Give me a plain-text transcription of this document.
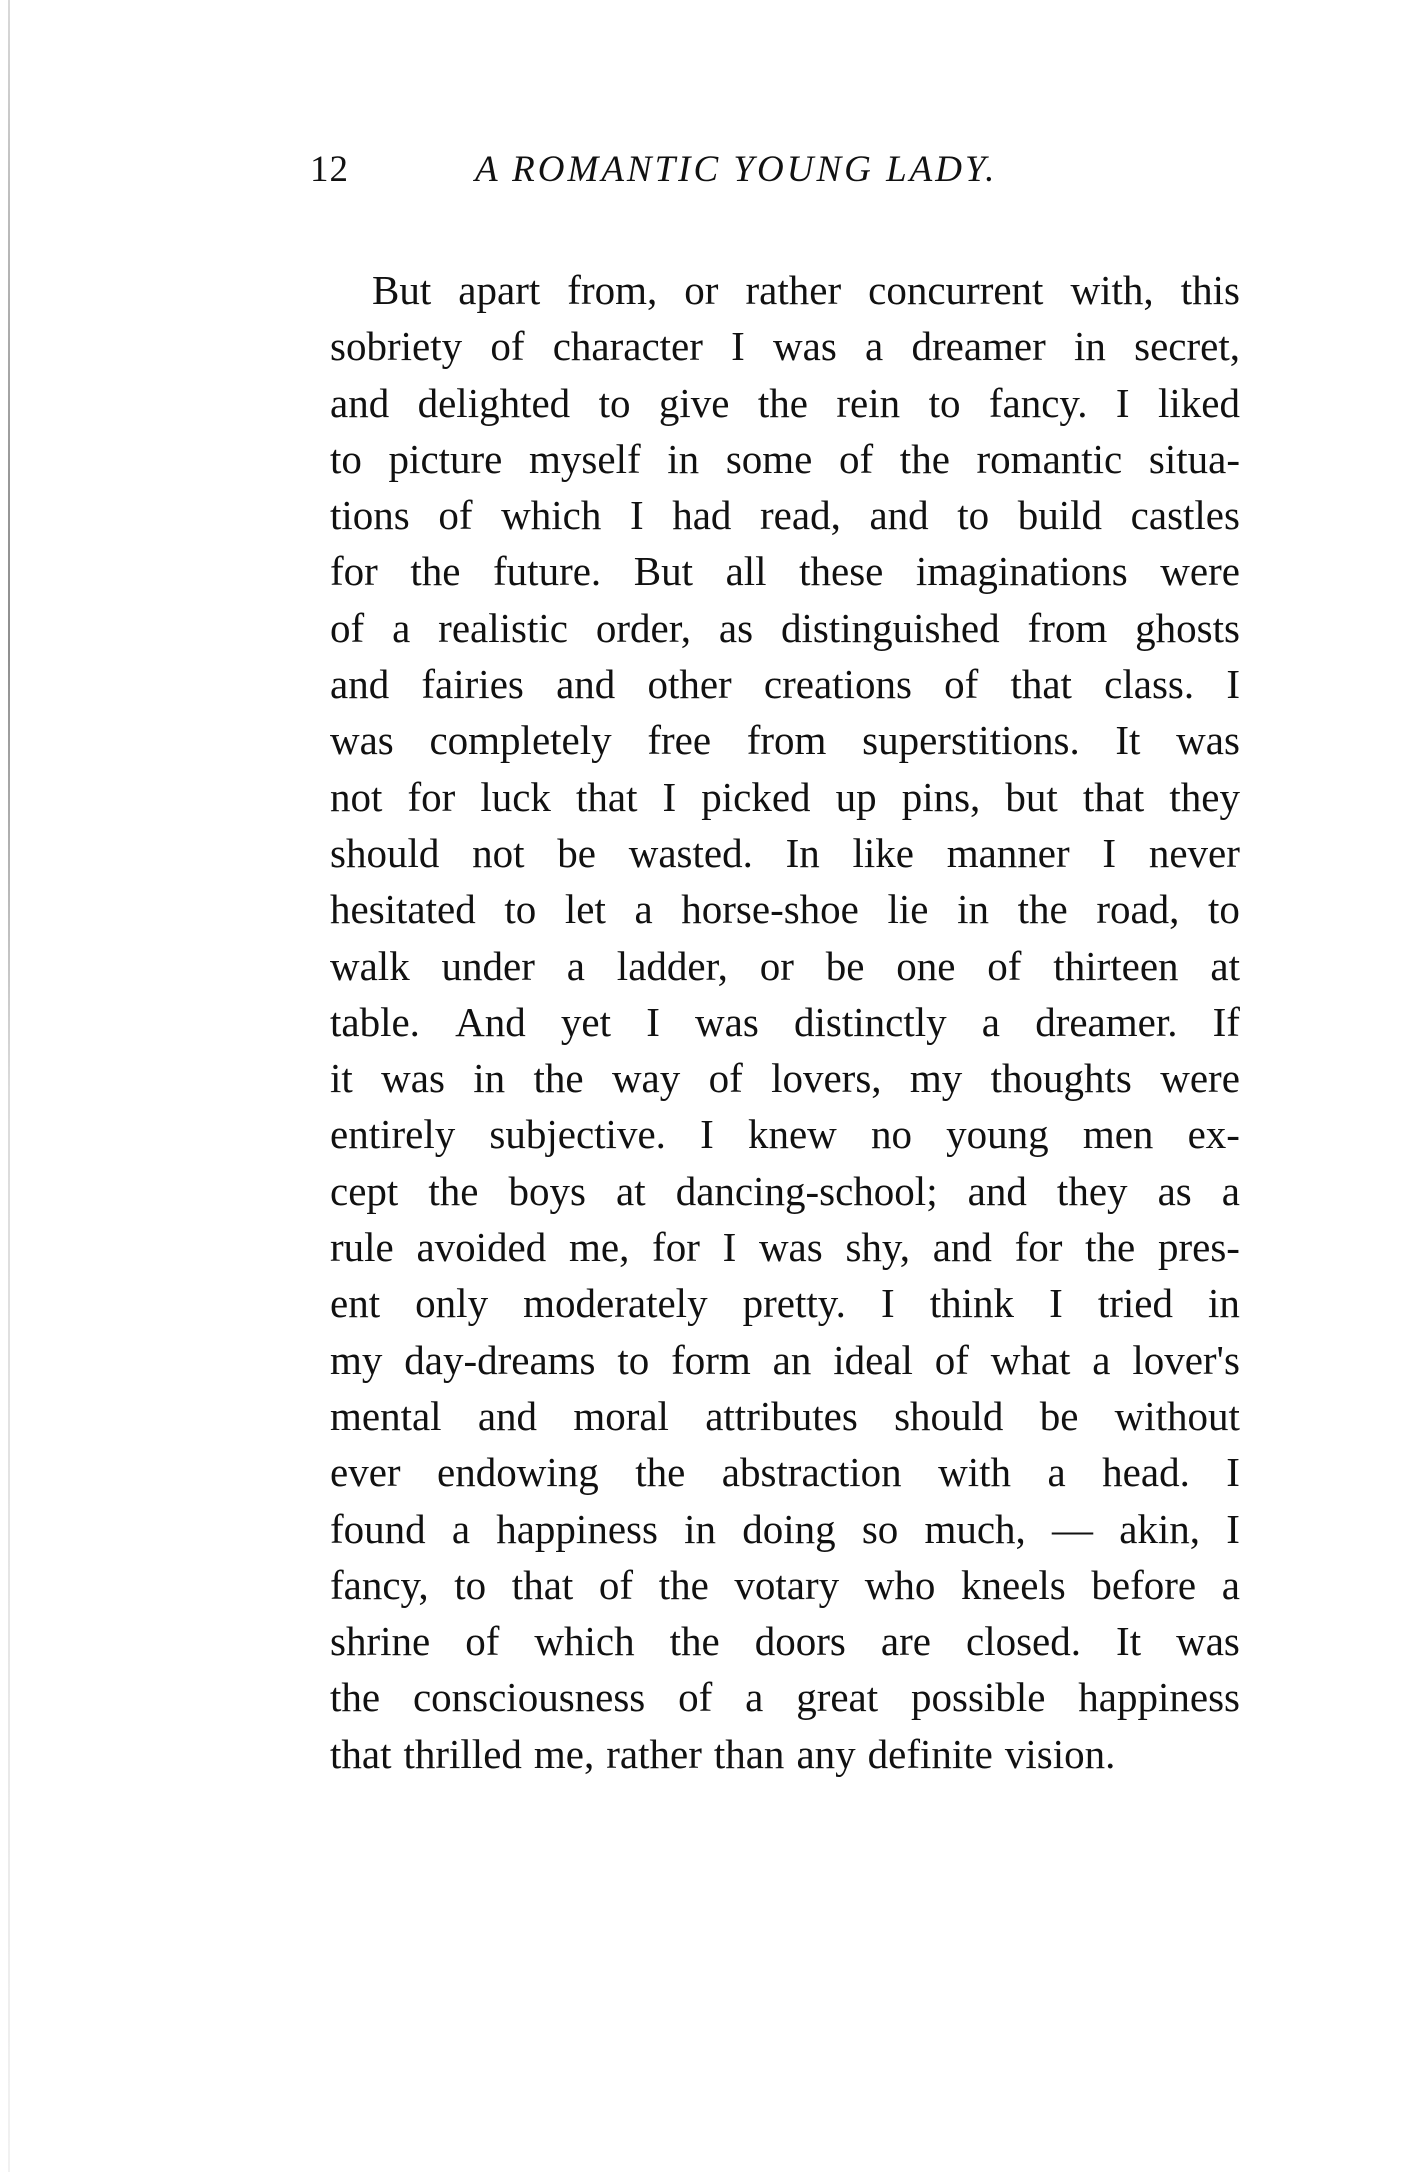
12	A ROMANTIC YOUNG LADY.
But apart from, or rather concurrent with, this
sobriety of character I was a dreamer in secret,
and delighted to give the rein to fancy. I liked
to picture myself in some of the romantic situa-
tions of which I had read, and to build castles
for the future. But all these imaginations were
of a realistic order, as distinguished from ghosts
and fairies and other creations of that class. I
was completely free from superstitions. It was
not for luck that I picked up pins, but that they
should not be wasted. In like manner I never
hesitated to let a horse-shoe lie in the road, to
walk under a ladder, or be one of thirteen at
table. And yet I was distinctly a dreamer. If
it was in the way of lovers, my thoughts were
entirely subjective. I knew no young men ex-
cept the boys at dancing-school; and they as a
rule avoided me, for I was shy, and for the pres-
ent only moderately pretty. I think I tried in
my day-dreams to form an ideal of what a lover's
mental and moral attributes should be without
ever endowing the abstraction with a head. I
found a happiness in doing so much, — akin, I
fancy, to that of the votary who kneels before a
shrine of which the doors are closed. It was
the consciousness of a great possible happiness
that thrilled me, rather than any definite vision.
